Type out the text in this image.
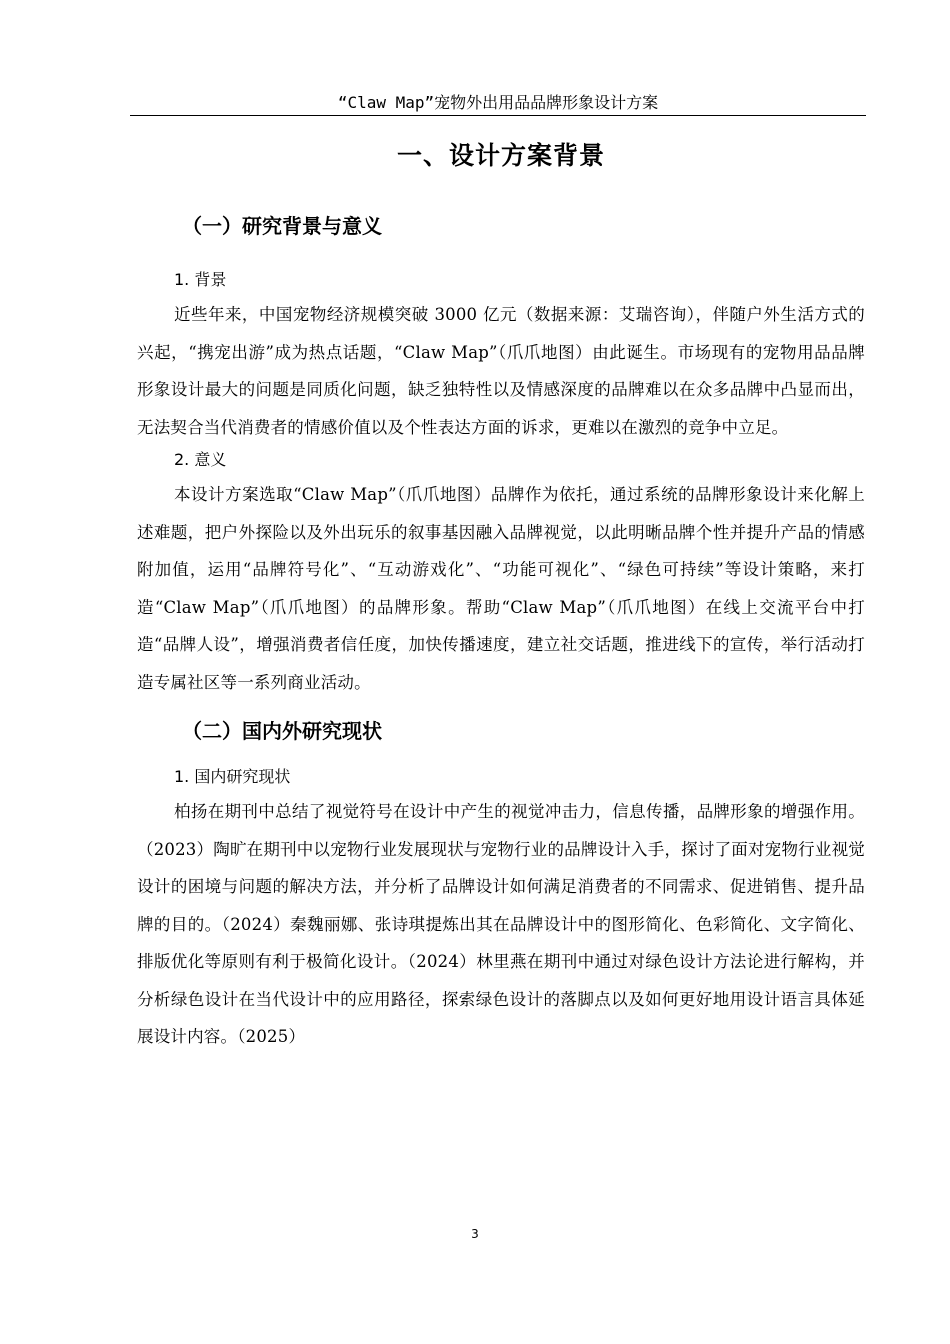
“Claw Map”宠物外出用品品牌形象设计方案
一、设计方案背景
（一）研究背景与意义
1. 背景

近些年来，中国宠物经济规模突破 3000 亿元（数据来源：艾瑞咨询），伴随户外生活方式的兴起，“携宠出游”成为热点话题，“Claw Map”（爪爪地图）由此诞生。市场现有的宠物用品品牌形象设计最大的问题是同质化问题，缺乏独特性以及情感深度的品牌难以在众多品牌中凸显而出，无法契合当代消费者的情感价值以及个性表达方面的诉求，更难以在激烈的竞争中立足。

2. 意义

本设计方案选取“Claw Map”（爪爪地图）品牌作为依托，通过系统的品牌形象设计来化解上述难题，把户外探险以及外出玩乐的叙事基因融入品牌视觉，以此明晰品牌个性并提升产品的情感附加值，运用“品牌符号化”、“互动游戏化”、“功能可视化”、“绿色可持续”等设计策略，来打造“Claw Map”（爪爪地图）的品牌形象。帮助“Claw Map”（爪爪地图）在线上交流平台中打造“品牌人设”，增强消费者信任度，加快传播速度，建立社交话题，推进线下的宣传，举行活动打造专属社区等一系列商业活动。

（二）国内外研究现状
1. 国内研究现状

柏扬在期刊中总结了视觉符号在设计中产生的视觉冲击力，信息传播，品牌形象的增强作用。（2023）陶旷在期刊中以宠物行业发展现状与宠物行业的品牌设计入手，探讨了面对宠物行业视觉设计的困境与问题的解决方法，并分析了品牌设计如何满足消费者的不同需求、促进销售、提升品牌的目的。（2024）秦魏丽娜、张诗琪提炼出其在品牌设计中的图形简化、色彩简化、文字简化、排版优化等原则有利于极简化设计。（2024）林里燕在期刊中通过对绿色设计方法论进行解构，并分析绿色设计在当代设计中的应用路径，探索绿色设计的落脚点以及如何更好地用设计语言具体延展设计内容。（2025）

3
